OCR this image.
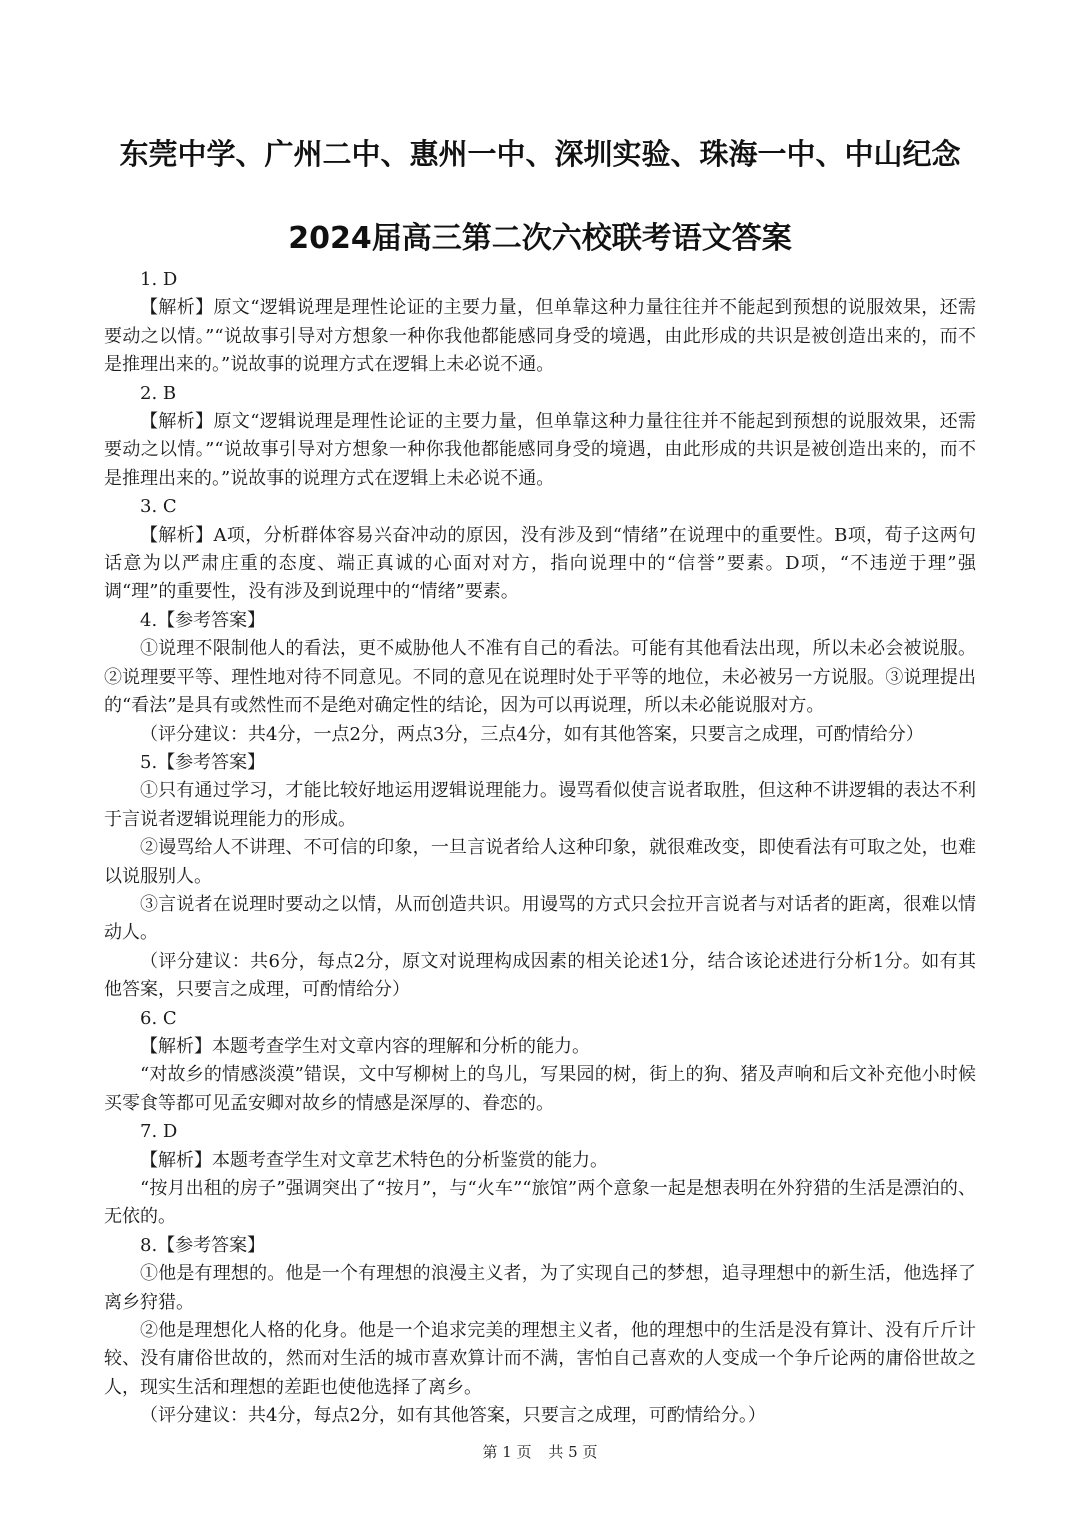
东莞中学、广州二中、惠州一中、深圳实验、珠海一中、中山纪念
2024届高三第二次六校联考语文答案

1. D

【解析】原文“逻辑说理是理性论证的主要力量，但单靠这种力量往往并不能起到预想的说服效果，还需要动之以情。”“说故事引导对方想象一种你我他都能感同身受的境遇，由此形成的共识是被创造出来的，而不是推理出来的。”说故事的说理方式在逻辑上未必说不通。

2. B

【解析】原文“逻辑说理是理性论证的主要力量，但单靠这种力量往往并不能起到预想的说服效果，还需要动之以情。”“说故事引导对方想象一种你我他都能感同身受的境遇，由此形成的共识是被创造出来的，而不是推理出来的。”说故事的说理方式在逻辑上未必说不通。

3. C

【解析】A项，分析群体容易兴奋冲动的原因，没有涉及到“情绪”在说理中的重要性。B项，荀子这两句话意为以严肃庄重的态度、端正真诚的心面对对方，指向说理中的“信誉”要素。D项，“不违逆于理”强调“理”的重要性，没有涉及到说理中的“情绪”要素。

4.【参考答案】

①说理不限制他人的看法，更不威胁他人不准有自己的看法。可能有其他看法出现，所以未必会被说服。②说理要平等、理性地对待不同意见。不同的意见在说理时处于平等的地位，未必被另一方说服。③说理提出的“看法”是具有或然性而不是绝对确定性的结论，因为可以再说理，所以未必能说服对方。

（评分建议：共4分，一点2分，两点3分，三点4分，如有其他答案，只要言之成理，可酌情给分）

5.【参考答案】

①只有通过学习，才能比较好地运用逻辑说理能力。谩骂看似使言说者取胜，但这种不讲逻辑的表达不利于言说者逻辑说理能力的形成。

②谩骂给人不讲理、不可信的印象，一旦言说者给人这种印象，就很难改变，即使看法有可取之处，也难以说服别人。

③言说者在说理时要动之以情，从而创造共识。用谩骂的方式只会拉开言说者与对话者的距离，很难以情动人。

（评分建议：共6分，每点2分，原文对说理构成因素的相关论述1分，结合该论述进行分析1分。如有其他答案，只要言之成理，可酌情给分）

6. C

【解析】本题考查学生对文章内容的理解和分析的能力。

“对故乡的情感淡漠”错误，文中写柳树上的鸟儿，写果园的树，街上的狗、猪及声响和后文补充他小时候买零食等都可见孟安卿对故乡的情感是深厚的、眷恋的。

7. D

【解析】本题考查学生对文章艺术特色的分析鉴赏的能力。

“按月出租的房子”强调突出了“按月”，与“火车”“旅馆”两个意象一起是想表明在外狩猎的生活是漂泊的、无依的。

8.【参考答案】

①他是有理想的。他是一个有理想的浪漫主义者，为了实现自己的梦想，追寻理想中的新生活，他选择了离乡狩猎。

②他是理想化人格的化身。他是一个追求完美的理想主义者，他的理想中的生活是没有算计、没有斤斤计较、没有庸俗世故的，然而对生活的城市喜欢算计而不满，害怕自己喜欢的人变成一个争斤论两的庸俗世故之人，现实生活和理想的差距也使他选择了离乡。

（评分建议：共4分，每点2分，如有其他答案，只要言之成理，可酌情给分。）

第 1 页 共 5 页
